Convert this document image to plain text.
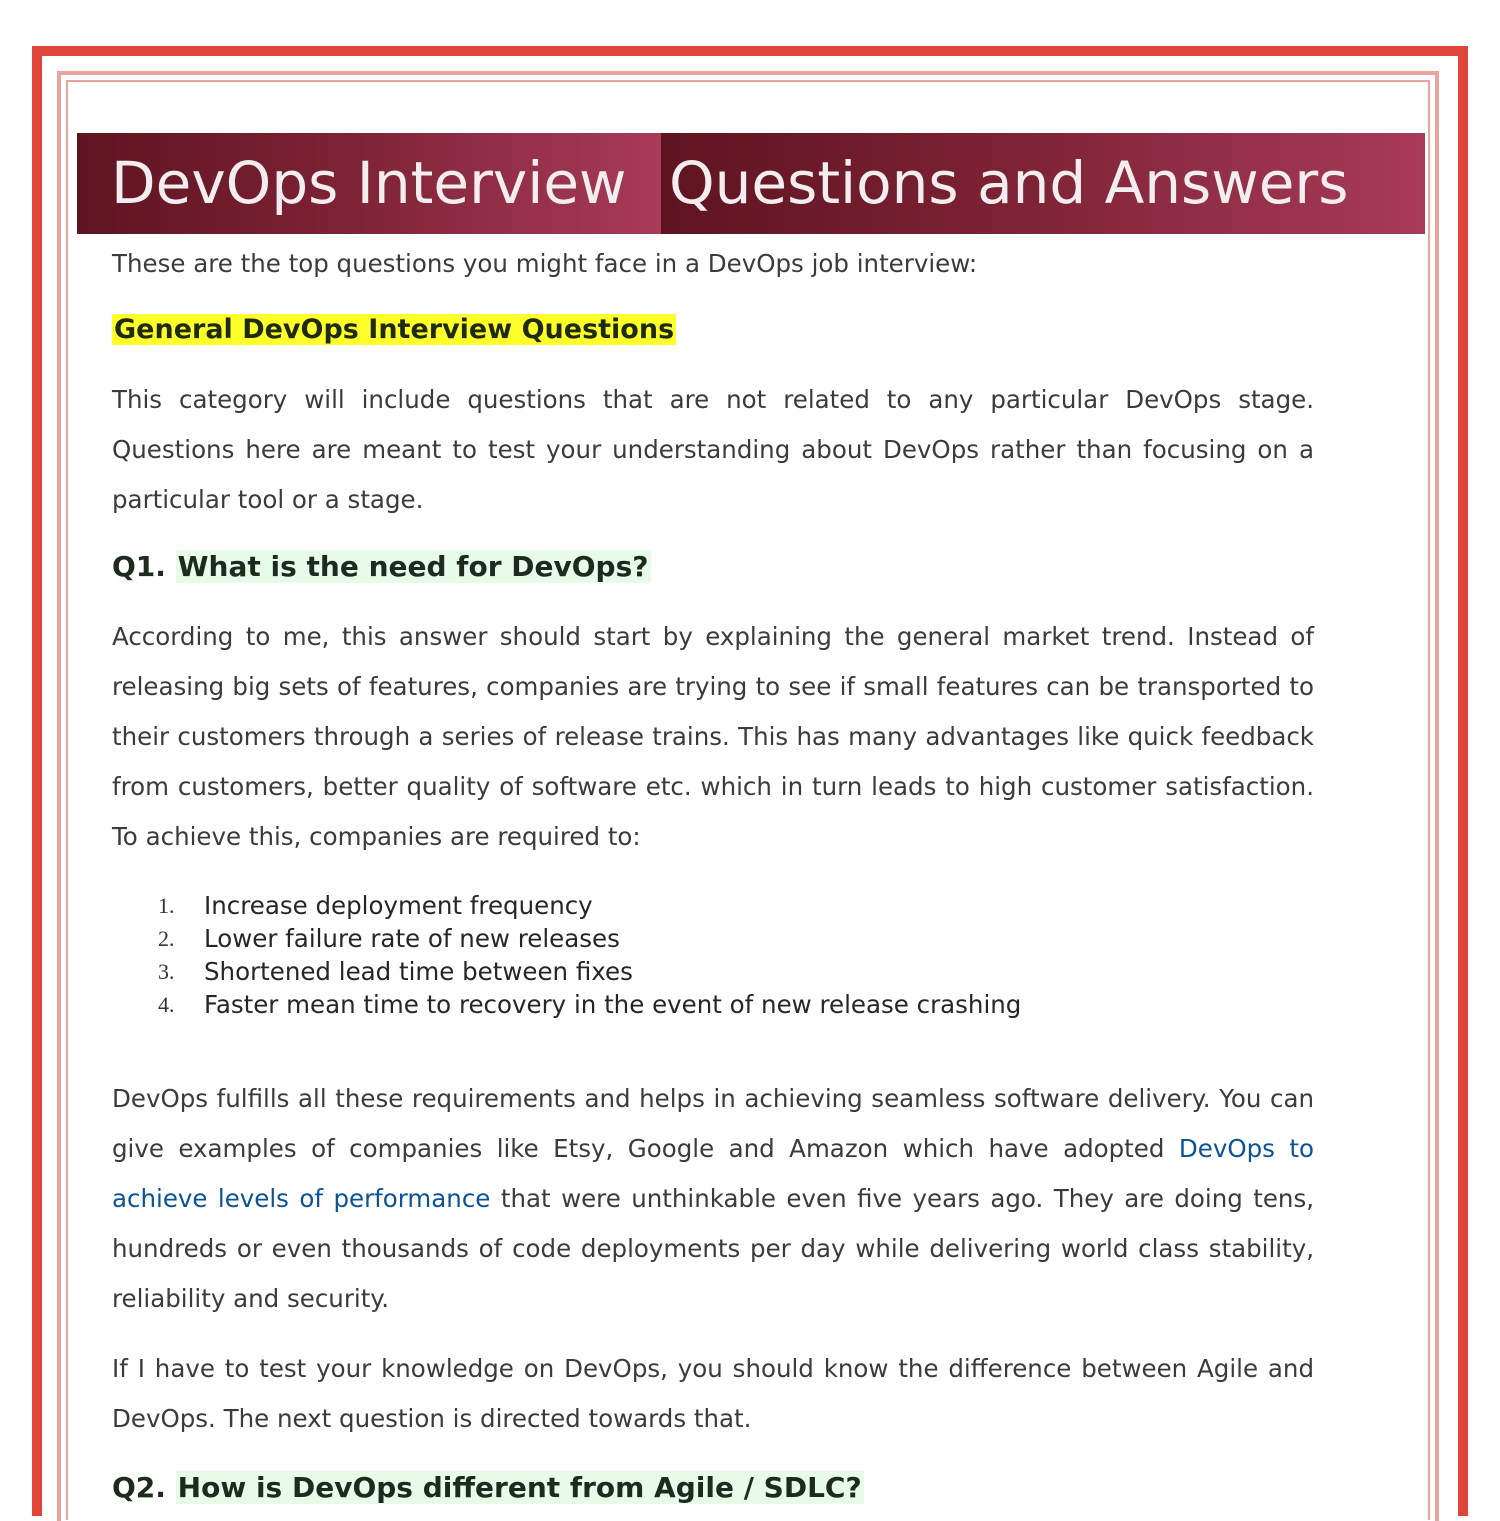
DevOps Interview Questions and Answers

These are the top questions you might face in a DevOps job interview:

General DevOps Interview Questions

This category will include questions that are not related to any particular DevOps stage. Questions here are meant to test your understanding about DevOps rather than focusing on a particular tool or a stage.

Q1. What is the need for DevOps?

According to me, this answer should start by explaining the general market trend. Instead of releasing big sets of features, companies are trying to see if small features can be transported to their customers through a series of release trains. This has many advantages like quick feedback from customers, better quality of software etc. which in turn leads to high customer satisfaction. To achieve this, companies are required to:

1. Increase deployment frequency
2. Lower failure rate of new releases
3. Shortened lead time between fixes
4. Faster mean time to recovery in the event of new release crashing

DevOps fulfills all these requirements and helps in achieving seamless software delivery. You can give examples of companies like Etsy, Google and Amazon which have adopted DevOps to achieve levels of performance that were unthinkable even five years ago. They are doing tens, hundreds or even thousands of code deployments per day while delivering world class stability, reliability and security.

If I have to test your knowledge on DevOps, you should know the difference between Agile and DevOps. The next question is directed towards that.

Q2. How is DevOps different from Agile / SDLC?
